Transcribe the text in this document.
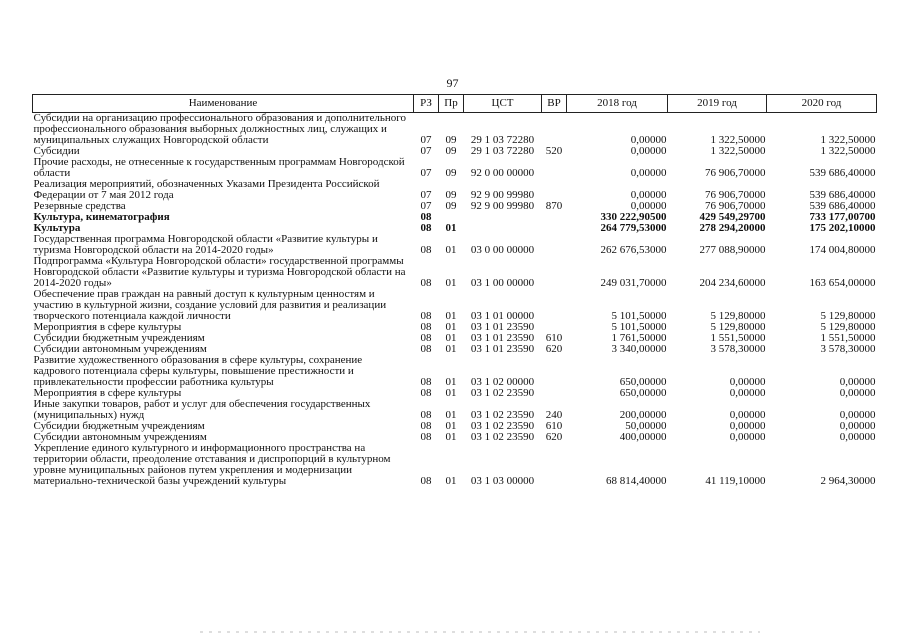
97
Наименование	РЗ	Пр	ЦСТ	ВР	2018 год	2019 год	2020 год
Субсидии на организацию профессионального образования и дополнительного профессионального образования выборных должностных лиц, служащих и муниципальных служащих Новгородской области	07	09	29 1 03 72280		0,00000	1 322,50000	1 322,50000
Субсидии	07	09	29 1 03 72280	520	0,00000	1 322,50000	1 322,50000
Прочие расходы, не отнесенные к государственным программам Новгородской области	07	09	92 0 00 00000		0,00000	76 906,70000	539 686,40000
Реализация мероприятий, обозначенных Указами Президента Российской Федерации от 7 мая 2012 года	07	09	92 9 00 99980		0,00000	76 906,70000	539 686,40000
Резервные средства	07	09	92 9 00 99980	870	0,00000	76 906,70000	539 686,40000
Культура, кинематография	08				330 222,90500	429 549,29700	733 177,00700
Культура	08	01			264 779,53000	278 294,20000	175 202,10000
Государственная программа Новгородской области «Развитие культуры и туризма Новгородской области на 2014-2020 годы»	08	01	03 0 00 00000		262 676,53000	277 088,90000	174 004,80000
Подпрограмма «Культура Новгородской области» государственной программы Новгородской области «Развитие культуры и туризма Новгородской области на 2014-2020 годы»	08	01	03 1 00 00000		249 031,70000	204 234,60000	163 654,00000
Обеспечение прав граждан на равный доступ к культурным ценностям и участию в культурной жизни, создание условий для развития и реализации творческого потенциала каждой личности	08	01	03 1 01 00000		5 101,50000	5 129,80000	5 129,80000
Мероприятия в сфере культуры	08	01	03 1 01 23590		5 101,50000	5 129,80000	5 129,80000
Субсидии бюджетным учреждениям	08	01	03 1 01 23590	610	1 761,50000	1 551,50000	1 551,50000
Субсидии автономным учреждениям	08	01	03 1 01 23590	620	3 340,00000	3 578,30000	3 578,30000
Развитие художественного образования в сфере культуры, сохранение кадрового потенциала сферы культуры, повышение престижности и привлекательности профессии работника культуры	08	01	03 1 02 00000		650,00000	0,00000	0,00000
Мероприятия в сфере культуры	08	01	03 1 02 23590		650,00000	0,00000	0,00000
Иные закупки товаров, работ и услуг для обеспечения государственных (муниципальных) нужд	08	01	03 1 02 23590	240	200,00000	0,00000	0,00000
Субсидии бюджетным учреждениям	08	01	03 1 02 23590	610	50,00000	0,00000	0,00000
Субсидии автономным учреждениям	08	01	03 1 02 23590	620	400,00000	0,00000	0,00000
Укрепление единого культурного и информационного пространства на территории области, преодоление отставания и диспропорций в культурном уровне муниципальных районов путем укрепления и модернизации материально-технической базы учреждений культуры	08	01	03 1 03 00000		68 814,40000	41 119,10000	2 964,30000
